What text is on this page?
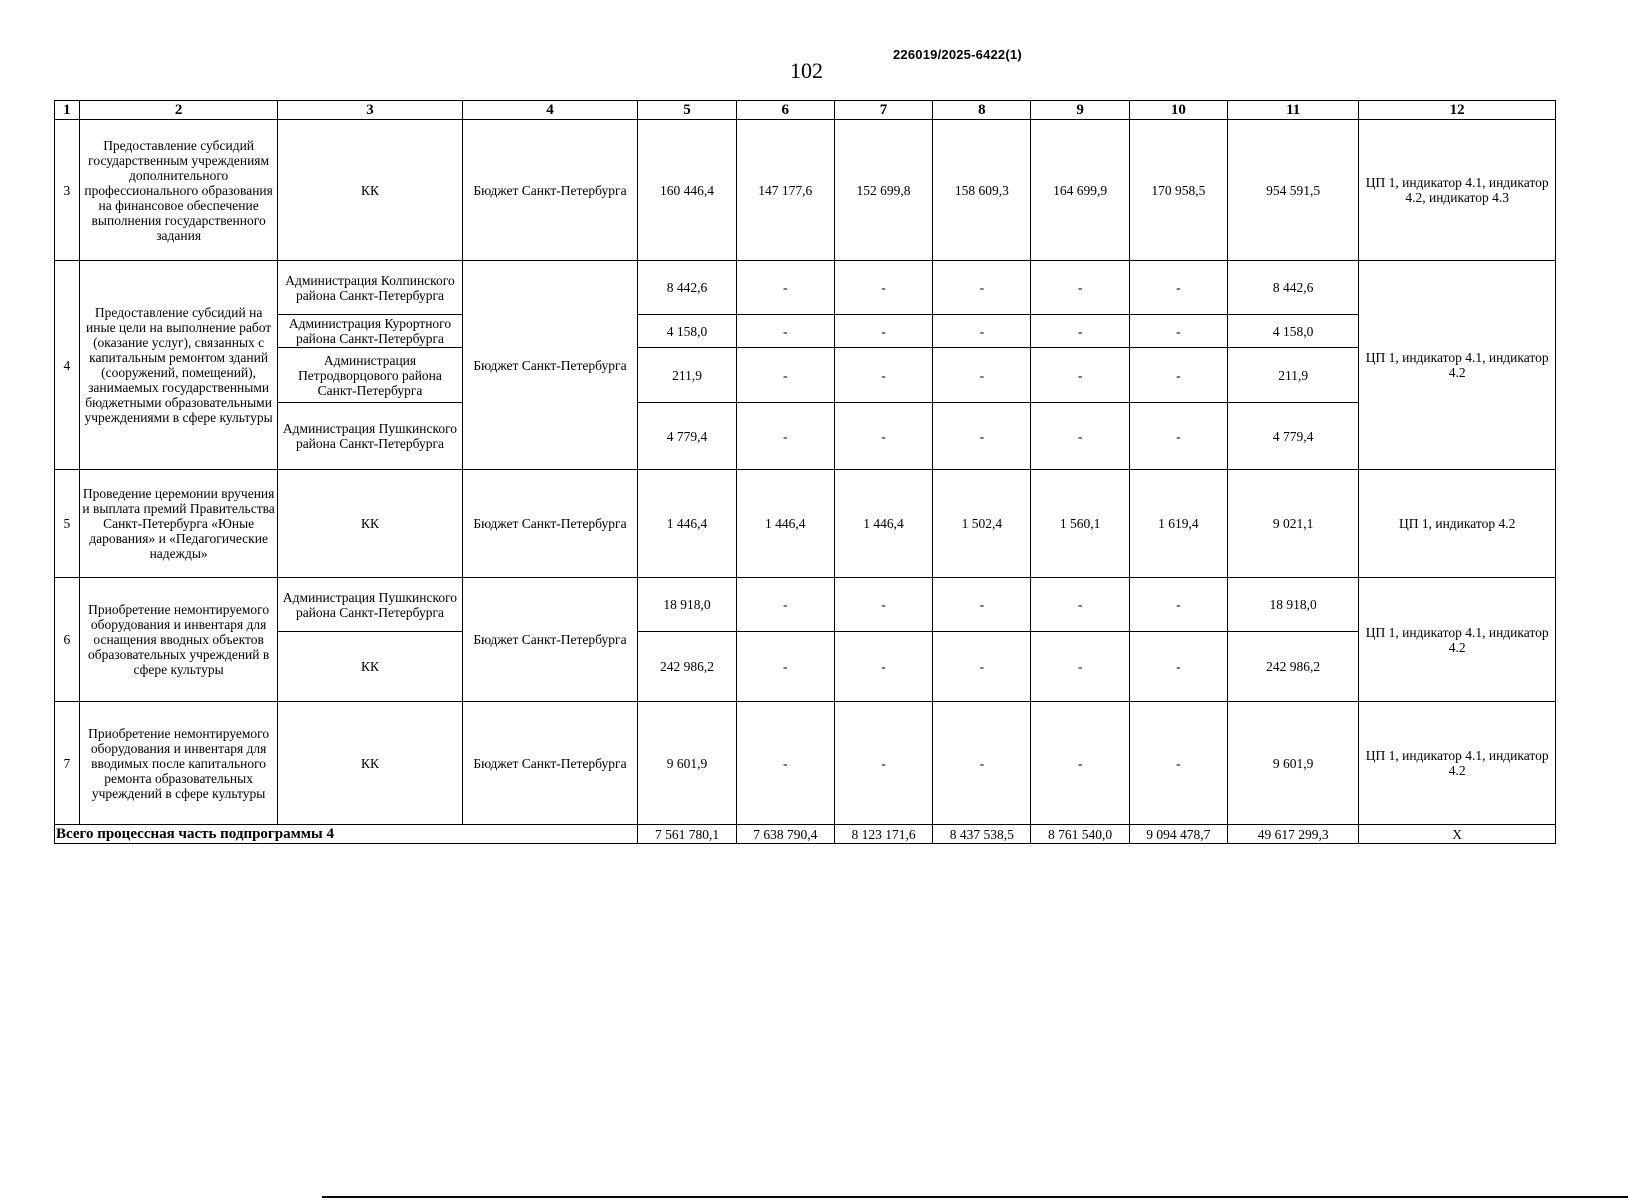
226019/2025-6422(1)
102
1	2	3	4	5	6	7	8	9	10	11	12
3	Предоставление субсидий государственным учреждениям дополнительного профессионального образования на финансовое обеспечение выполнения государственного задания	КК	Бюджет Санкт-Петербурга	160 446,4	147 177,6	152 699,8	158 609,3	164 699,9	170 958,5	954 591,5	ЦП 1, индикатор 4.1, индикатор 4.2, индикатор 4.3
4	Предоставление субсидий на иные цели на выполнение работ (оказание услуг), связанных с капитальным ремонтом зданий (сооружений, помещений), занимаемых государственными бюджетными образовательными учреждениями в сфере культуры	Администрация Колпинского района Санкт-Петербурга	Бюджет Санкт-Петербурга	8 442,6	-	-	-	-	-	8 442,6	ЦП 1, индикатор 4.1, индикатор 4.2
		Администрация Курортного района Санкт-Петербурга		4 158,0	-	-	-	-	-	4 158,0	
		Администрация Петродворцового района Санкт-Петербурга		211,9	-	-	-	-	-	211,9	
		Администрация Пушкинского района Санкт-Петербурга		4 779,4	-	-	-	-	-	4 779,4	
5	Проведение церемонии вручения и выплата премий Правительства Санкт-Петербурга «Юные дарования» и «Педагогические надежды»	КК	Бюджет Санкт-Петербурга	1 446,4	1 446,4	1 446,4	1 502,4	1 560,1	1 619,4	9 021,1	ЦП 1, индикатор 4.2
6	Приобретение немонтируемого оборудования и инвентаря для оснащения вводных объектов образовательных учреждений в сфере культуры	Администрация Пушкинского района Санкт-Петербурга	Бюджет Санкт-Петербурга	18 918,0	-	-	-	-	-	18 918,0	ЦП 1, индикатор 4.1, индикатор 4.2
		КК		242 986,2	-	-	-	-	-	242 986,2	
7	Приобретение немонтируемого оборудования и инвентаря для вводимых после капитального ремонта образовательных учреждений в сфере культуры	КК	Бюджет Санкт-Петербурга	9 601,9	-	-	-	-	-	9 601,9	ЦП 1, индикатор 4.1, индикатор 4.2
Всего процессная часть подпрограммы 4				7 561 780,1	7 638 790,4	8 123 171,6	8 437 538,5	8 761 540,0	9 094 478,7	49 617 299,3	Х
